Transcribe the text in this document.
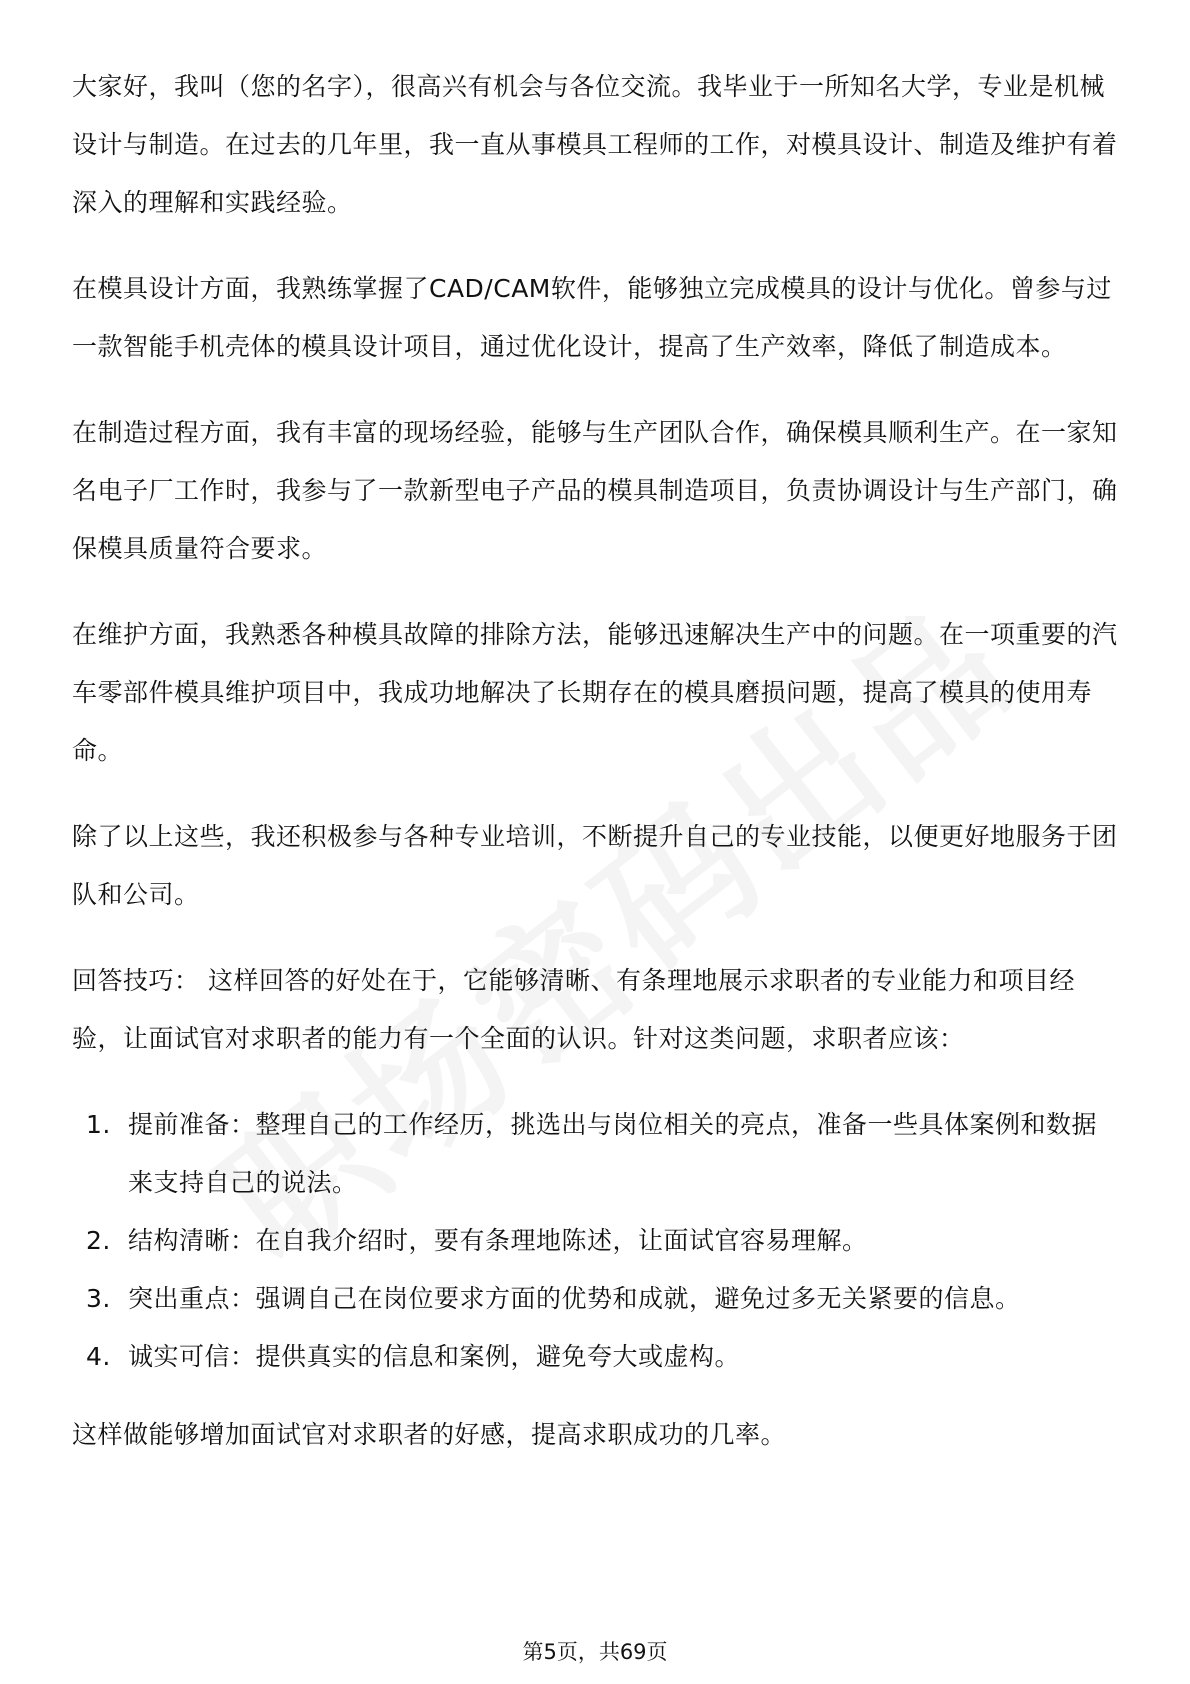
大家好，我叫（您的名字），很高兴有机会与各位交流。我毕业于一所知名大学，专业是机械设计与制造。在过去的几年里，我一直从事模具工程师的工作，对模具设计、制造及维护有着深入的理解和实践经验。

在模具设计方面，我熟练掌握了CAD/CAM软件，能够独立完成模具的设计与优化。曾参与过一款智能手机壳体的模具设计项目，通过优化设计，提高了生产效率，降低了制造成本。

在制造过程方面，我有丰富的现场经验，能够与生产团队合作，确保模具顺利生产。在一家知名电子厂工作时，我参与了一款新型电子产品的模具制造项目，负责协调设计与生产部门，确保模具质量符合要求。

在维护方面，我熟悉各种模具故障的排除方法，能够迅速解决生产中的问题。在一项重要的汽车零部件模具维护项目中，我成功地解决了长期存在的模具磨损问题，提高了模具的使用寿命。

除了以上这些，我还积极参与各种专业培训，不断提升自己的专业技能，以便更好地服务于团队和公司。

回答技巧： 这样回答的好处在于，它能够清晰、有条理地展示求职者的专业能力和项目经验，让面试官对求职者的能力有一个全面的认识。针对这类问题，求职者应该：

1. 提前准备：整理自己的工作经历，挑选出与岗位相关的亮点，准备一些具体案例和数据来支持自己的说法。
2. 结构清晰：在自我介绍时，要有条理地陈述，让面试官容易理解。
3. 突出重点：强调自己在岗位要求方面的优势和成就，避免过多无关紧要的信息。
4. 诚实可信：提供真实的信息和案例，避免夸大或虚构。

这样做能够增加面试官对求职者的好感，提高求职成功的几率。

第5页，共69页
